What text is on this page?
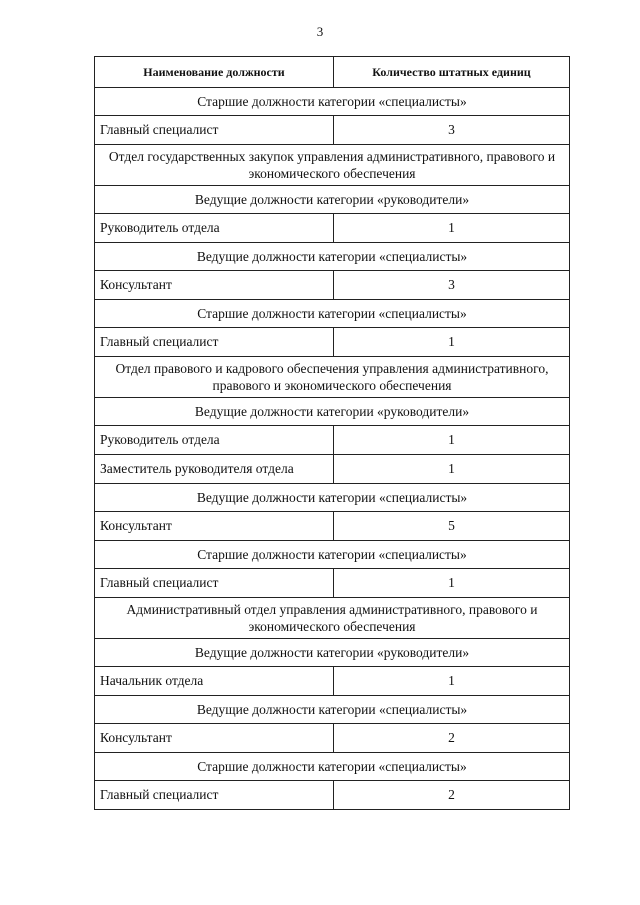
3
Наименование должности	Количество штатных единиц
Старшие должности категории «специалисты»	
Главный специалист	3
Отдел государственных закупок управления административного, правового и экономического обеспечения	
Ведущие должности категории «руководители»	
Руководитель отдела	1
Ведущие должности категории «специалисты»	
Консультант	3
Старшие должности категории «специалисты»	
Главный специалист	1
Отдел правового и кадрового обеспечения управления административного, правового и экономического обеспечения	
Ведущие должности категории «руководители»	
Руководитель отдела	1
Заместитель руководителя отдела	1
Ведущие должности категории «специалисты»	
Консультант	5
Старшие должности категории «специалисты»	
Главный специалист	1
Административный отдел управления административного, правового и экономического обеспечения	
Ведущие должности категории «руководители»	
Начальник отдела	1
Ведущие должности категории «специалисты»	
Консультант	2
Старшие должности категории «специалисты»	
Главный специалист	2
